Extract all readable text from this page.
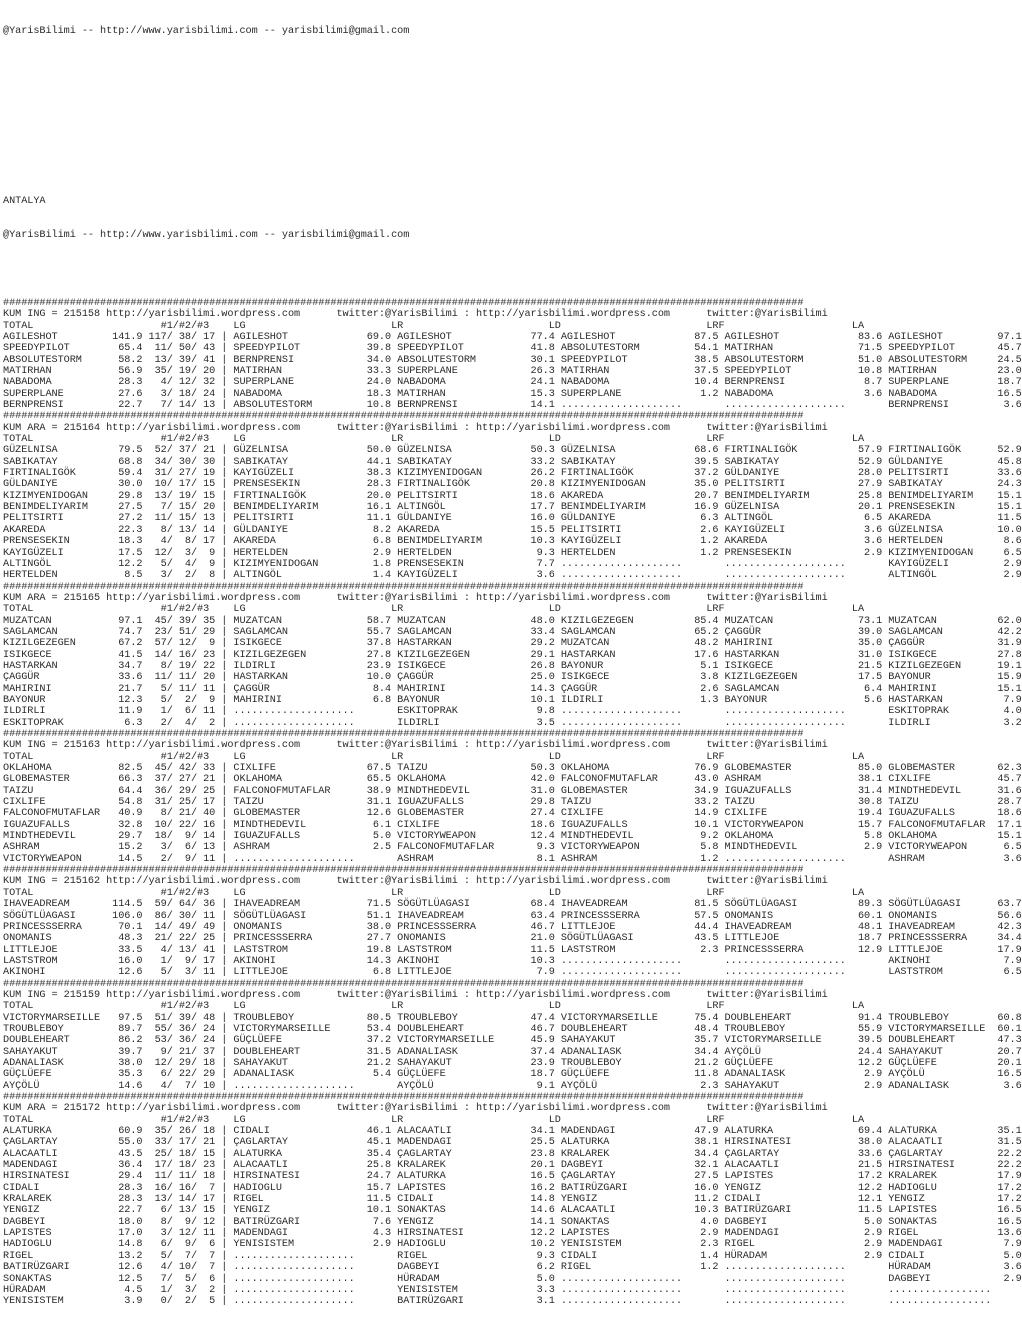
@YarisBilimi -- http://www.yarisbilimi.com -- yarisbilimi@gmail.com

ANTALYA

@YarisBilimi -- http://www.yarisbilimi.com -- yarisbilimi@gmail.com

####################################################################################################################################
KUM ING = 215158 http://yarisbilimi.wordpress.com      twitter:@YarisBilimi : http://yarisbilimi.wordpress.com      twitter:@YarisBilimi
TOTAL                     #1/#2/#3    LG                        LR                        LD                        LRF                     LA
AGILESHOT         141.9 117/ 38/ 17 | AGILESHOT             69.0 AGILESHOT             77.4 AGILESHOT             87.5 AGILESHOT             83.6 AGILESHOT         97.1
SPEEDYPILOT        65.4  11/ 50/ 43 | SPEEDYPILOT           39.8 SPEEDYPILOT           41.8 ABSOLUTESTORM         54.1 MATIRHAN              71.5 SPEEDYPILOT       45.7
ABSOLUTESTORM      58.2  13/ 39/ 41 | BERNPRENSI            34.0 ABSOLUTESTORM         30.1 SPEEDYPILOT           38.5 ABSOLUTESTORM         51.0 ABSOLUTESTORM     24.5
MATIRHAN           56.9  35/ 19/ 20 | MATIRHAN              33.3 SUPERPLANE            26.3 MATIRHAN              37.5 SPEEDYPILOT           10.8 MATIRHAN          23.0
NABADOMA           28.3   4/ 12/ 32 | SUPERPLANE            24.0 NABADOMA              24.1 NABADOMA              10.4 BERNPRENSI             8.7 SUPERPLANE        18.7
SUPERPLANE         27.6   3/ 18/ 24 | NABADOMA              18.3 MATIRHAN              15.3 SUPERPLANE             1.2 NABADOMA               3.6 NABADOMA          16.5
BERNPRENSI         22.7   7/ 14/ 13 | ABSOLUTESTORM         10.8 BERNPRENSI            14.1 ....................       ....................       BERNPRENSI         3.6
####################################################################################################################################
KUM ARA = 215164 http://yarisbilimi.wordpress.com      twitter:@YarisBilimi : http://yarisbilimi.wordpress.com      twitter:@YarisBilimi
TOTAL                     #1/#2/#3    LG                        LR                        LD                        LRF                     LA
GÜZELNISA          79.5  52/ 37/ 21 | GÜZELNISA             50.0 GÜZELNISA             50.3 GÜZELNISA             68.6 FIRTINALIGÖK          57.9 FIRTINALIGÖK      52.9
SABIKATAY          68.8  34/ 30/ 30 | SABIKATAY             44.1 SABIKATAY             33.2 SABIKATAY             39.5 SABIKATAY             52.9 GÜLDANIYE         45.8
FIRTINALIGÖK       59.4  31/ 27/ 19 | KAYIGÜZELI            38.3 KIZIMYENIDOGAN        26.2 FIRTINALIGÖK          37.2 GÜLDANIYE             28.0 PELITSIRTI        33.6
GÜLDANIYE          30.0  10/ 17/ 15 | PRENSESEKIN           28.3 FIRTINALIGÖK          20.8 KIZIMYENIDOGAN        35.0 PELITSIRTI            27.9 SABIKATAY         24.3
KIZIMYENIDOGAN     29.8  13/ 19/ 15 | FIRTINALIGÖK          20.0 PELITSIRTI            18.6 AKAREDA               20.7 BENIMDELIYARIM        25.8 BENIMDELIYARIM    15.1
BENIMDELIYARIM     27.5   7/ 15/ 20 | BENIMDELIYARIM        16.1 ALTINGÖL              17.7 BENIMDELIYARIM        16.9 GÜZELNISA             20.1 PRENSESEKIN       15.1
PELITSIRTI         27.2  11/ 15/ 13 | PELITSIRTI            11.1 GÜLDANIYE             16.0 GÜLDANIYE              6.3 ALTINGÖL               6.5 AKAREDA           11.5
AKAREDA            22.3   8/ 13/ 14 | GÜLDANIYE              8.2 AKAREDA               15.5 PELITSIRTI             2.6 KAYIGÜZELI             3.6 GÜZELNISA         10.0
PRENSESEKIN        18.3   4/  8/ 17 | AKAREDA                6.8 BENIMDELIYARIM        10.3 KAYIGÜZELI             1.2 AKAREDA                3.6 HERTELDEN          8.6
KAYIGÜZELI         17.5  12/  3/  9 | HERTELDEN              2.9 HERTELDEN              9.3 HERTELDEN              1.2 PRENSESEKIN            2.9 KIZIMYENIDOGAN     6.5
ALTINGÖL           12.2   5/  4/  9 | KIZIMYENIDOGAN         1.8 PRENSESEKIN            7.7 ....................       ....................       KAYIGÜZELI         2.9
HERTELDEN           8.5   3/  2/  8 | ALTINGÖL               1.4 KAYIGÜZELI             3.6 ....................       ....................       ALTINGÖL           2.9
####################################################################################################################################
KUM ARA = 215165 http://yarisbilimi.wordpress.com      twitter:@YarisBilimi : http://yarisbilimi.wordpress.com      twitter:@YarisBilimi
TOTAL                     #1/#2/#3    LG                        LR                        LD                        LRF                     LA
MUZATCAN           97.1  45/ 39/ 35 | MUZATCAN              58.7 MUZATCAN              48.0 KIZILGEZEGEN          85.4 MUZATCAN              73.1 MUZATCAN          62.0
SAGLAMCAN          74.7  23/ 51/ 29 | SAGLAMCAN             55.7 SAGLAMCAN             33.4 SAGLAMCAN             65.2 ÇAGGÜR                39.0 SAGLAMCAN         42.2
KIZILGEZEGEN       67.2  57/ 12/  9 | ISIKGECE              37.8 HASTARKAN             29.2 MUZATCAN              48.2 MAHIRINI              35.0 ÇAGGÜR            31.9
ISIKGECE           41.5  14/ 16/ 23 | KIZILGEZEGEN          27.8 KIZILGEZEGEN          29.1 HASTARKAN             17.6 HASTARKAN             31.0 ISIKGECE          27.8
HASTARKAN          34.7   8/ 19/ 22 | ILDIRLI               23.9 ISIKGECE              26.8 BAYONUR                5.1 ISIKGECE              21.5 KIZILGEZEGEN      19.1
ÇAGGÜR             33.6  11/ 11/ 20 | HASTARKAN             10.0 ÇAGGÜR                25.0 ISIKGECE               3.8 KIZILGEZEGEN          17.5 BAYONUR           15.9
MAHIRINI           21.7   5/ 11/ 11 | ÇAGGÜR                 8.4 MAHIRINI              14.3 ÇAGGÜR                 2.6 SAGLAMCAN              6.4 MAHIRINI          15.1
BAYONUR            12.3   5/  2/  9 | MAHIRINI               6.8 BAYONUR               10.1 ILDIRLI                1.3 BAYONUR                5.6 HASTARKAN          7.9
ILDIRLI            11.9   1/  6/ 11 | ....................       ESKITOPRAK             9.8 ....................       ....................       ESKITOPRAK         4.0
ESKITOPRAK          6.3   2/  4/  2 | ....................       ILDIRLI                3.5 ....................       ....................       ILDIRLI            3.2
####################################################################################################################################
KUM ING = 215163 http://yarisbilimi.wordpress.com      twitter:@YarisBilimi : http://yarisbilimi.wordpress.com      twitter:@YarisBilimi
TOTAL                     #1/#2/#3    LG                        LR                        LD                        LRF                     LA
OKLAHOMA           82.5  45/ 42/ 33 | CIXLIFE               67.5 TAIZU                 50.3 OKLAHOMA              76.9 GLOBEMASTER           85.0 GLOBEMASTER       62.3
GLOBEMASTER        66.3  37/ 27/ 21 | OKLAHOMA              65.5 OKLAHOMA              42.0 FALCONOFMUTAFLAR      43.0 ASHRAM                38.1 CIXLIFE           45.7
TAIZU              64.4  36/ 29/ 25 | FALCONOFMUTAFLAR      38.9 MINDTHEDEVIL          31.0 GLOBEMASTER           34.9 IGUAZUFALLS           31.4 MINDTHEDEVIL      31.6
CIXLIFE            54.8  31/ 25/ 17 | TAIZU                 31.1 IGUAZUFALLS           29.8 TAIZU                 33.2 TAIZU                 30.8 TAIZU             28.7
FALCONOFMUTAFLAR   40.9   8/ 21/ 40 | GLOBEMASTER           12.6 GLOBEMASTER           27.4 CIXLIFE               14.9 CIXLIFE               19.4 IGUAZUFALLS       18.6
IGUAZUFALLS        32.8  10/ 22/ 16 | MINDTHEDEVIL           6.1 CIXLIFE               18.6 IGUAZUFALLS           10.1 VICTORYWEAPON         15.7 FALCONOFMUTAFLAR  17.1
MINDTHEDEVIL       29.7  18/  9/ 14 | IGUAZUFALLS            5.0 VICTORYWEAPON         12.4 MINDTHEDEVIL           9.2 OKLAHOMA               5.8 OKLAHOMA          15.1
ASHRAM             15.2   3/  6/ 13 | ASHRAM                 2.5 FALCONOFMUTAFLAR       9.3 VICTORYWEAPON          5.8 MINDTHEDEVIL           2.9 VICTORYWEAPON      6.5
VICTORYWEAPON      14.5   2/  9/ 11 | ....................       ASHRAM                 8.1 ASHRAM                 1.2 ....................       ASHRAM             3.6
####################################################################################################################################
KUM ING = 215162 http://yarisbilimi.wordpress.com      twitter:@YarisBilimi : http://yarisbilimi.wordpress.com      twitter:@YarisBilimi
TOTAL                     #1/#2/#3    LG                        LR                        LD                        LRF                     LA
IHAVEADREAM       114.5  59/ 64/ 36 | IHAVEADREAM           71.5 SÖGÜTLÜAGASI          68.4 IHAVEADREAM           81.5 SÖGÜTLÜAGASI          89.3 SÖGÜTLÜAGASI      63.7
SÖGÜTLÜAGASI      106.0  86/ 30/ 11 | SÖGÜTLÜAGASI          51.1 IHAVEADREAM           63.4 PRINCESSSERRA         57.5 ONOMANIS              60.1 ONOMANIS          56.6
PRINCESSSERRA      70.1  14/ 49/ 49 | ONOMANIS              38.0 PRINCESSSERRA         46.7 LITTLEJOE             44.4 IHAVEADREAM           48.1 IHAVEADREAM       42.3
ONOMANIS           48.3  21/ 22/ 25 | PRINCESSSERRA         27.7 ONOMANIS              21.0 SÖGÜTLÜAGASI          43.5 LITTLEJOE             18.7 PRINCESSSERRA     34.4
LITTLEJOE          33.5   4/ 13/ 41 | LASTSTROM             19.8 LASTSTROM             11.5 LASTSTROM              2.3 PRINCESSSERRA         12.9 LITTLEJOE         17.9
LASTSTROM          16.0   1/  9/ 17 | AKINOHI               14.3 AKINOHI               10.3 ....................       ....................       AKINOHI            7.9
AKINOHI            12.6   5/  3/ 11 | LITTLEJOE              6.8 LITTLEJOE              7.9 ....................       ....................       LASTSTROM          6.5
####################################################################################################################################
KUM ING = 215159 http://yarisbilimi.wordpress.com      twitter:@YarisBilimi : http://yarisbilimi.wordpress.com      twitter:@YarisBilimi
TOTAL                     #1/#2/#3    LG                        LR                        LD                        LRF                     LA
VICTORYMARSEILLE   97.5  51/ 39/ 48 | TROUBLEBOY            80.5 TROUBLEBOY            47.4 VICTORYMARSEILLE      75.4 DOUBLEHEART           91.4 TROUBLEBOY        60.8
TROUBLEBOY         89.7  55/ 36/ 24 | VICTORYMARSEILLE      53.4 DOUBLEHEART           46.7 DOUBLEHEART           48.4 TROUBLEBOY            55.9 VICTORYMARSEILLE  60.1
DOUBLEHEART        86.2  53/ 36/ 24 | GÜÇLÜEFE              37.2 VICTORYMARSEILLE      45.9 SAHAYAKUT             35.7 VICTORYMARSEILLE      39.5 DOUBLEHEART       47.3
SAHAYAKUT          39.7   9/ 21/ 37 | DOUBLEHEART           31.5 ADANALIASK            37.4 ADANALIASK            34.4 AYÇÖLÜ                24.4 SAHAYAKUT         20.7
ADANALIASK         38.0  12/ 29/ 18 | SAHAYAKUT             21.2 SAHAYAKUT             23.9 TROUBLEBOY            21.2 GÜÇLÜEFE              12.2 GÜÇLÜEFE          20.1
GÜÇLÜEFE           35.3   6/ 22/ 29 | ADANALIASK             5.4 GÜÇLÜEFE              18.7 GÜÇLÜEFE              11.8 ADANALIASK             2.9 AYÇÖLÜ            16.5
AYÇÖLÜ             14.6   4/  7/ 10 | ....................       AYÇÖLÜ                 9.1 AYÇÖLÜ                 2.3 SAHAYAKUT              2.9 ADANALIASK         3.6
####################################################################################################################################
KUM ARA = 215172 http://yarisbilimi.wordpress.com      twitter:@YarisBilimi : http://yarisbilimi.wordpress.com      twitter:@YarisBilimi
TOTAL                     #1/#2/#3    LG                        LR                        LD                        LRF                     LA
ALATURKA           60.9  35/ 26/ 18 | CIDALI                46.1 ALACAATLI             34.1 MADENDAGI             47.9 ALATURKA              69.4 ALATURKA          35.1
ÇAGLARTAY          55.0  33/ 17/ 21 | ÇAGLARTAY             45.1 MADENDAGI             25.5 ALATURKA              38.1 HIRSINATESI           38.0 ALACAATLI         31.5
ALACAATLI          43.5  25/ 18/ 15 | ALATURKA              35.4 ÇAGLARTAY             23.8 KRALAREK              34.4 ÇAGLARTAY             33.6 ÇAGLARTAY         22.2
MADENDAGI          36.4  17/ 18/ 23 | ALACAATLI             25.8 KRALAREK              20.1 DAGBEYI               32.1 ALACAATLI             21.5 HIRSINATESI       22.2
HIRSINATESI        29.4  11/ 11/ 18 | HIRSINATESI           24.7 ALATURKA              16.5 ÇAGLARTAY             27.5 LAPISTES              17.2 KRALAREK          17.9
CIDALI             28.3  16/ 16/  7 | HADIOGLU              15.7 LAPISTES              16.2 BATIRÜZGARI           16.0 YENGIZ                12.2 HADIOGLU          17.2
KRALAREK           28.3  13/ 14/ 17 | RIGEL                 11.5 CIDALI                14.8 YENGIZ                11.2 CIDALI                12.1 YENGIZ            17.2
YENGIZ             22.7   6/ 13/ 15 | YENGIZ                10.1 SONAKTAS              14.6 ALACAATLI             10.3 BATIRÜZGARI           11.5 LAPISTES          16.5
DAGBEYI            18.0   8/  9/ 12 | BATIRÜZGARI            7.6 YENGIZ                14.1 SONAKTAS               4.0 DAGBEYI                5.0 SONAKTAS          16.5
LAPISTES           17.0   3/ 12/ 11 | MADENDAGI              4.3 HIRSINATESI           12.2 LAPISTES               2.9 MADENDAGI              2.9 RIGEL             13.6
HADIOGLU           14.8   6/  9/  6 | YENISISTEM             2.9 HADIOGLU              10.2 YENISISTEM             2.3 RIGEL                  2.9 MADENDAGI          7.9
RIGEL              13.2   5/  7/  7 | ....................       RIGEL                  9.3 CIDALI                 1.4 HÜRADAM                2.9 CIDALI             5.0
BATIRÜZGARI        12.6   4/ 10/  7 | ....................       DAGBEYI                6.2 RIGEL                  1.2 ....................       HÜRADAM            3.6
SONAKTAS           12.5   7/  5/  6 | ....................       HÜRADAM                5.0 ....................       ....................       DAGBEYI            2.9
HÜRADAM             4.5   1/  3/  2 | ....................       YENISISTEM             3.3 ....................       ....................       .................
YENISISTEM          3.9   0/  2/  5 | ....................       BATIRÜZGARI            3.1 ....................       ....................       .................
